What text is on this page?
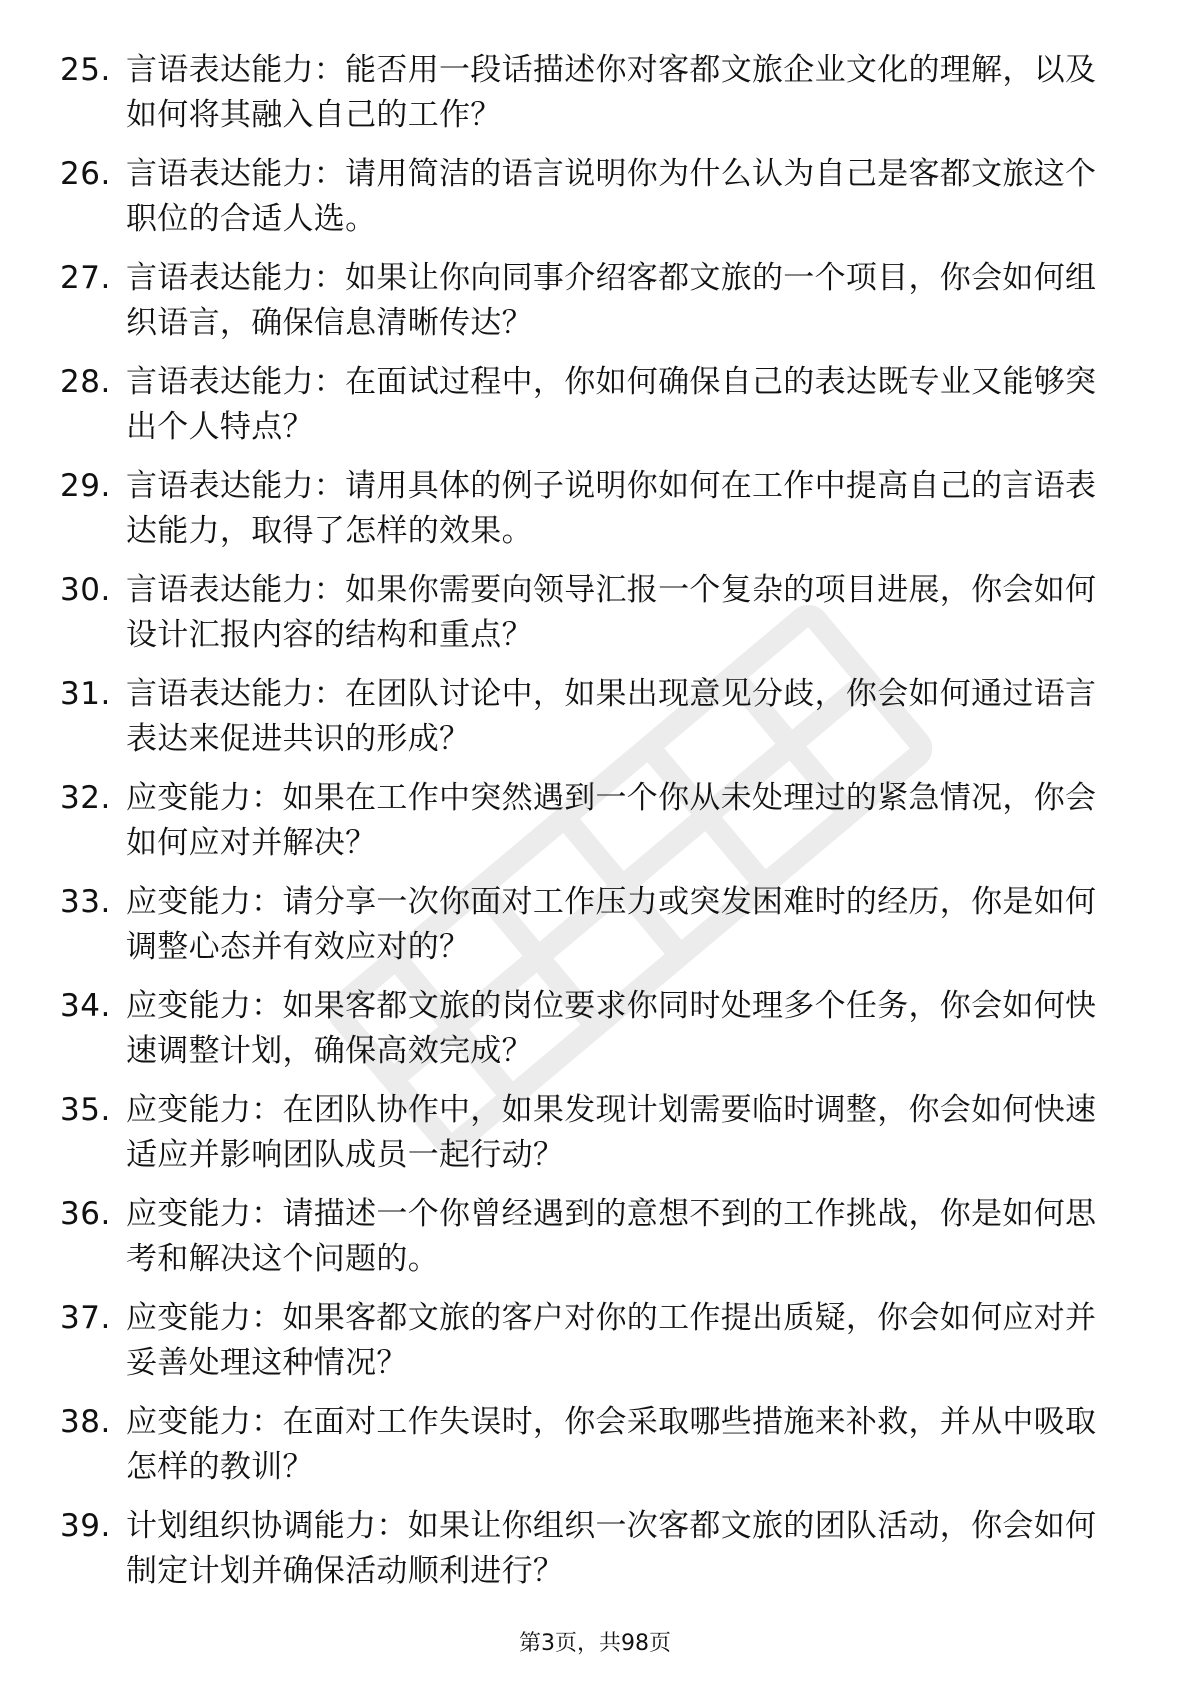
25. 言语表达能力：能否用一段话描述你对客都文旅企业文化的理解，以及如何将其融入自己的工作？
26. 言语表达能力：请用简洁的语言说明你为什么认为自己是客都文旅这个职位的合适人选。
27. 言语表达能力：如果让你向同事介绍客都文旅的一个项目，你会如何组织语言，确保信息清晰传达？
28. 言语表达能力：在面试过程中，你如何确保自己的表达既专业又能够突出个人特点？
29. 言语表达能力：请用具体的例子说明你如何在工作中提高自己的言语表达能力，取得了怎样的效果。
30. 言语表达能力：如果你需要向领导汇报一个复杂的项目进展，你会如何设计汇报内容的结构和重点？
31. 言语表达能力：在团队讨论中，如果出现意见分歧，你会如何通过语言表达来促进共识的形成？
32. 应变能力：如果在工作中突然遇到一个你从未处理过的紧急情况，你会如何应对并解决？
33. 应变能力：请分享一次你面对工作压力或突发困难时的经历，你是如何调整心态并有效应对的？
34. 应变能力：如果客都文旅的岗位要求你同时处理多个任务，你会如何快速调整计划，确保高效完成？
35. 应变能力：在团队协作中，如果发现计划需要临时调整，你会如何快速适应并影响团队成员一起行动？
36. 应变能力：请描述一个你曾经遇到的意想不到的工作挑战，你是如何思考和解决这个问题的。
37. 应变能力：如果客都文旅的客户对你的工作提出质疑，你会如何应对并妥善处理这种情况？
38. 应变能力：在面对工作失误时，你会采取哪些措施来补救，并从中吸取怎样的教训？
39. 计划组织协调能力：如果让你组织一次客都文旅的团队活动，你会如何制定计划并确保活动顺利进行？
第3页，共98页
